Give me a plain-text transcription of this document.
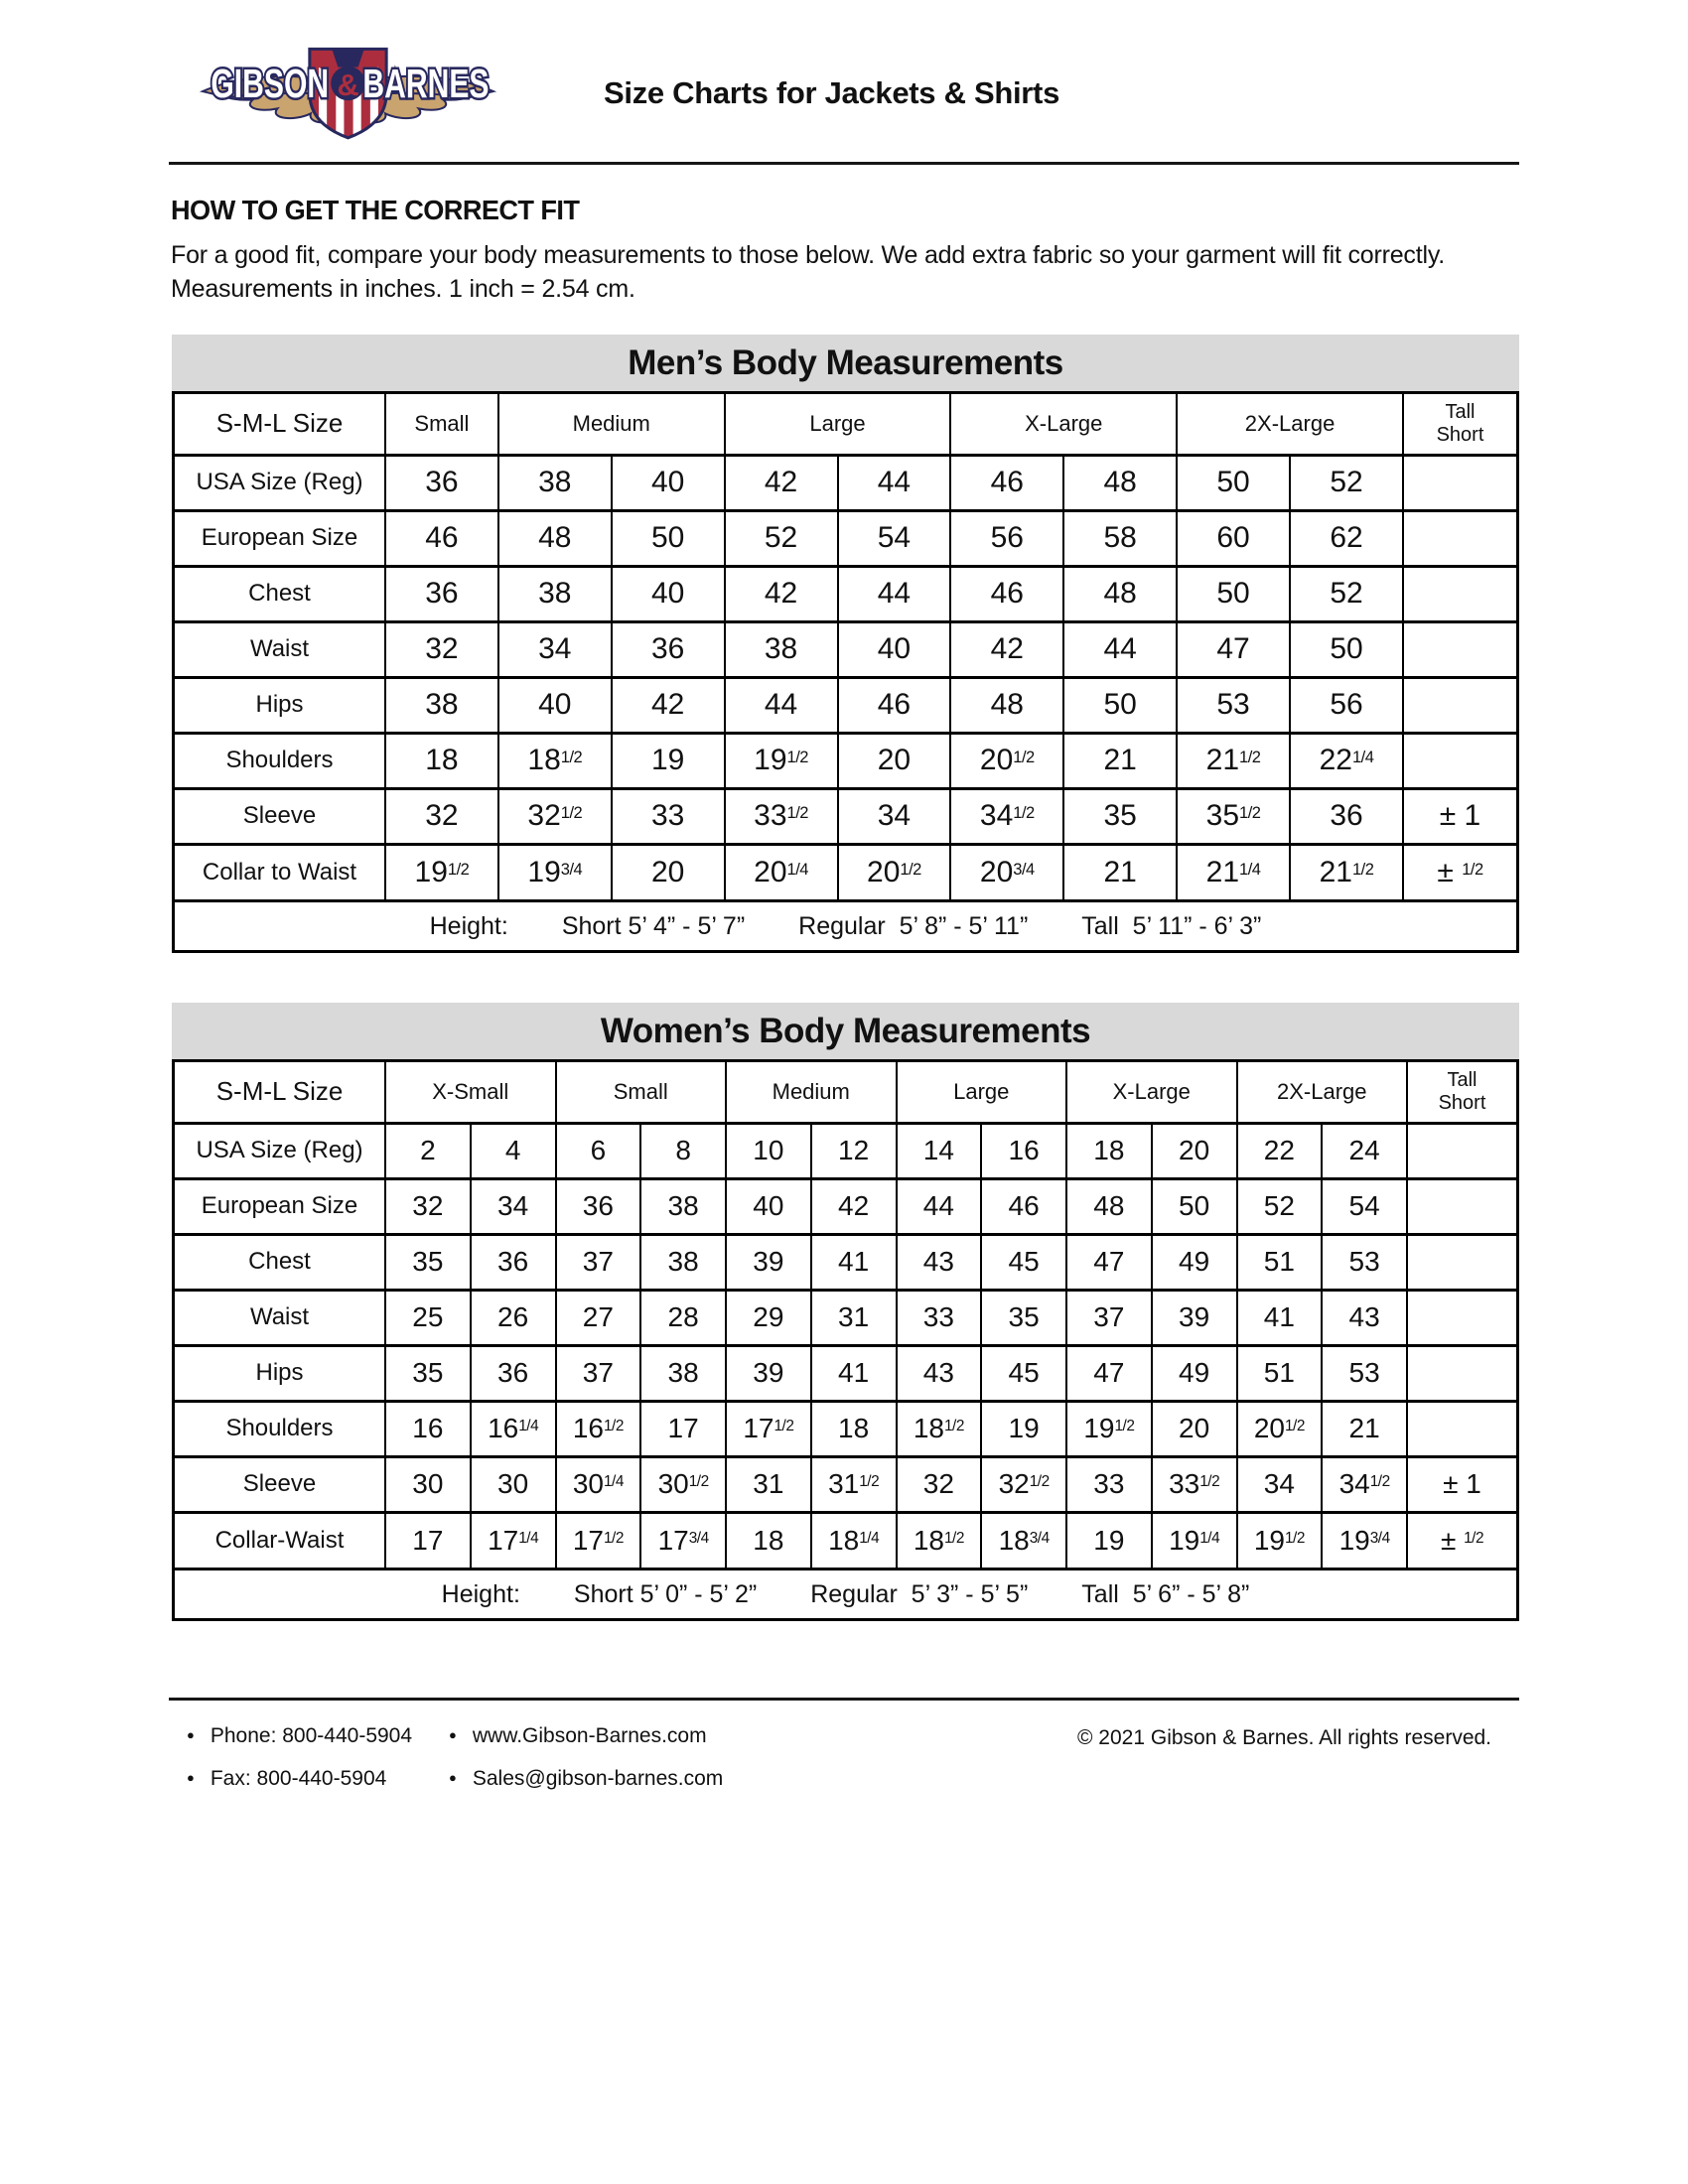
GIBSON BARNES
&	Size Charts for Jackets & Shirts
HOW TO GET THE CORRECT FIT
For a good fit, compare your body measurements to those below. We add extra fabric so your garment will fit correctly. Measurements in inches. 1 inch = 2.54 cm.
Men’s Body Measurements
S-M-L Size	Small	Medium		Large		X-Large		2X-Large		Tall
Short

USA Size (Reg)	36	38	40	42	44	46	48	50	52	
European Size	46	48	50	52	54	56	58	60	62	
Chest	36	38	40	42	44	46	48	50	52	
Waist	32	34	36	38	40	42	44	47	50	
Hips	38	40	42	44	46	48	50	53	56	
Shoulders	18	$18^{1/2}$	19	$19^{1/2}$	20	$20^{1/2}$	21	$21^{1/2}$	$22^{1/4}$	
Sleeve	32	$32^{1/2}$	33	$33^{1/2}$	34	$34^{1/2}$	35	$35^{1/2}$	36	± 1
Collar to Waist	$19^{1/2}$	$19^{3/4}$	20	$20^{1/4}$	$20^{1/2}$	$20^{3/4}$	21	$21^{1/4}$	$21^{1/2}$	± $^{1/2}$
Height: Short 5’ 4” - 5’ 7” Regular  5’ 8” - 5’ 11” Tall  5’ 11” - 6’ 3”
Women’s Body Measurements
S-M-L Size	X-Small		Small		Medium		Large		X-Large		2X-Large		Tall
Short

USA Size (Reg)	2	4	6	8	10	12	14	16	18	20	22	24	
European Size	32	34	36	38	40	42	44	46	48	50	52	54	
Chest	35	36	37	38	39	41	43	45	47	49	51	53	
Waist	25	26	27	28	29	31	33	35	37	39	41	43	
Hips	35	36	37	38	39	41	43	45	47	49	51	53	
Shoulders	16	$16^{1/4}$	$16^{1/2}$	17	$17^{1/2}$	18	$18^{1/2}$	19	$19^{1/2}$	20	$20^{1/2}$	21	
Sleeve	30	30	$30^{1/4}$	$30^{1/2}$	31	$31^{1/2}$	32	$32^{1/2}$	33	$33^{1/2}$	34	$34^{1/2}$	± 1
Collar-Waist	17	$17^{1/4}$	$17^{1/2}$	$17^{3/4}$	18	$18^{1/4}$	$18^{1/2}$	$18^{3/4}$	19	$19^{1/4}$	$19^{1/2}$	$19^{3/4}$	± $^{1/2}$
Height: Short 5’ 0” - 5’ 2” Regular  5’ 3” - 5’ 5” Tall  5’ 6” - 5’ 8”
● Phone: 800-440-5904
● Fax: 800-440-5904
● www.Gibson-Barnes.com
● Sales@gibson-barnes.com
© 2021 Gibson & Barnes. All rights reserved.
